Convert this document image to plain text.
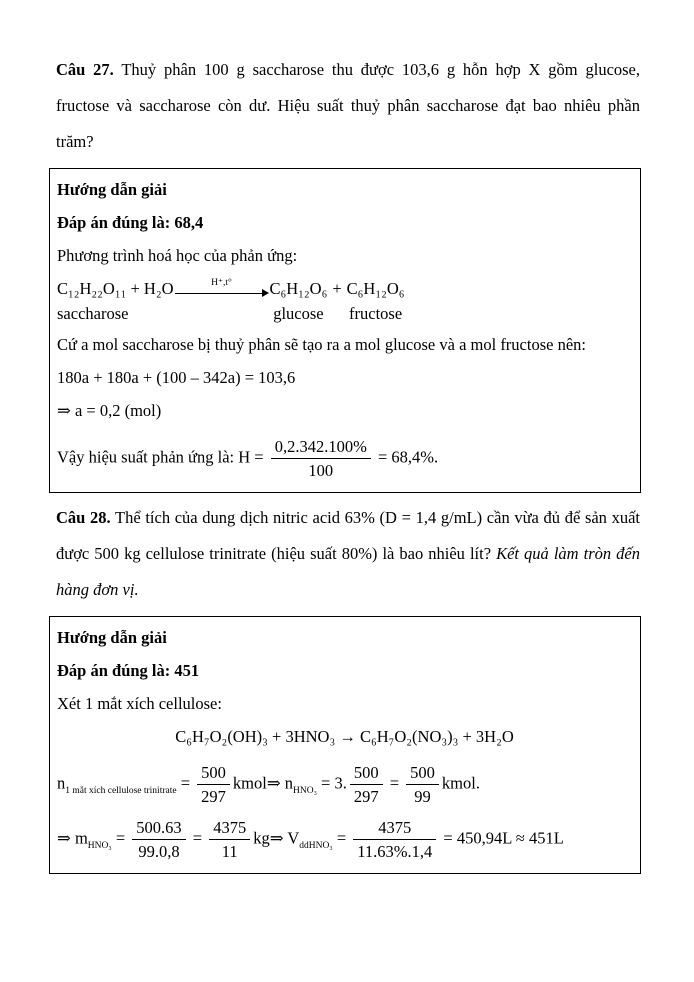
Câu 27. Thuỷ phân 100 g saccharose thu được 103,6 g hỗn hợp X gồm glucose, fructose và saccharose còn dư. Hiệu suất thuỷ phân saccharose đạt bao nhiêu phần trăm?

Hướng dẫn giải

Đáp án đúng là: 68,4

Phương trình hoá học của phản ứng:

C₁₂H₂₂O₁₁ + H₂O
saccharose
H⁺,t° C₆H₁₂O₆
glucose
+ C₆H₁₂O₆
fructose

Cứ a mol saccharose bị thuỷ phân sẽ tạo ra a mol glucose và a mol fructose nên:

180a + 180a + (100 – 342a) = 103,6

⇒ a = 0,2 (mol)

Vậy hiệu suất phản ứng là: $H = \frac{0,2.342.100\%}{100} = 68,4\%$.

Câu 28. Thể tích của dung dịch nitric acid 63% (D = 1,4 g/mL) cần vừa đủ để sản xuất được 500 kg cellulose trinitrate (hiệu suất 80%) là bao nhiêu lít? Kết quả làm tròn đến hàng đơn vị.

Hướng dẫn giải

Đáp án đúng là: 451

Xét 1 mắt xích cellulose:

C₆H₇O₂(OH)₃ + 3HNO₃ → C₆H₇O₂(NO₃)₃ + 3H₂O

$n_{1 mắt xích cellulose trinitrate} = \frac{500}{297}$ kmol⇒ $n_{HNO_3} = 3$. $\frac{500}{297} = \frac{500}{99}$ kmol.
⇒ $m_{HNO_3} = \frac{500.63}{99.0,8} = \frac{4375}{11}$ kg⇒ $V_{ddHNO_3} = \frac{4375}{11.63\%.1,4} = 450,94L \approx 451L$
